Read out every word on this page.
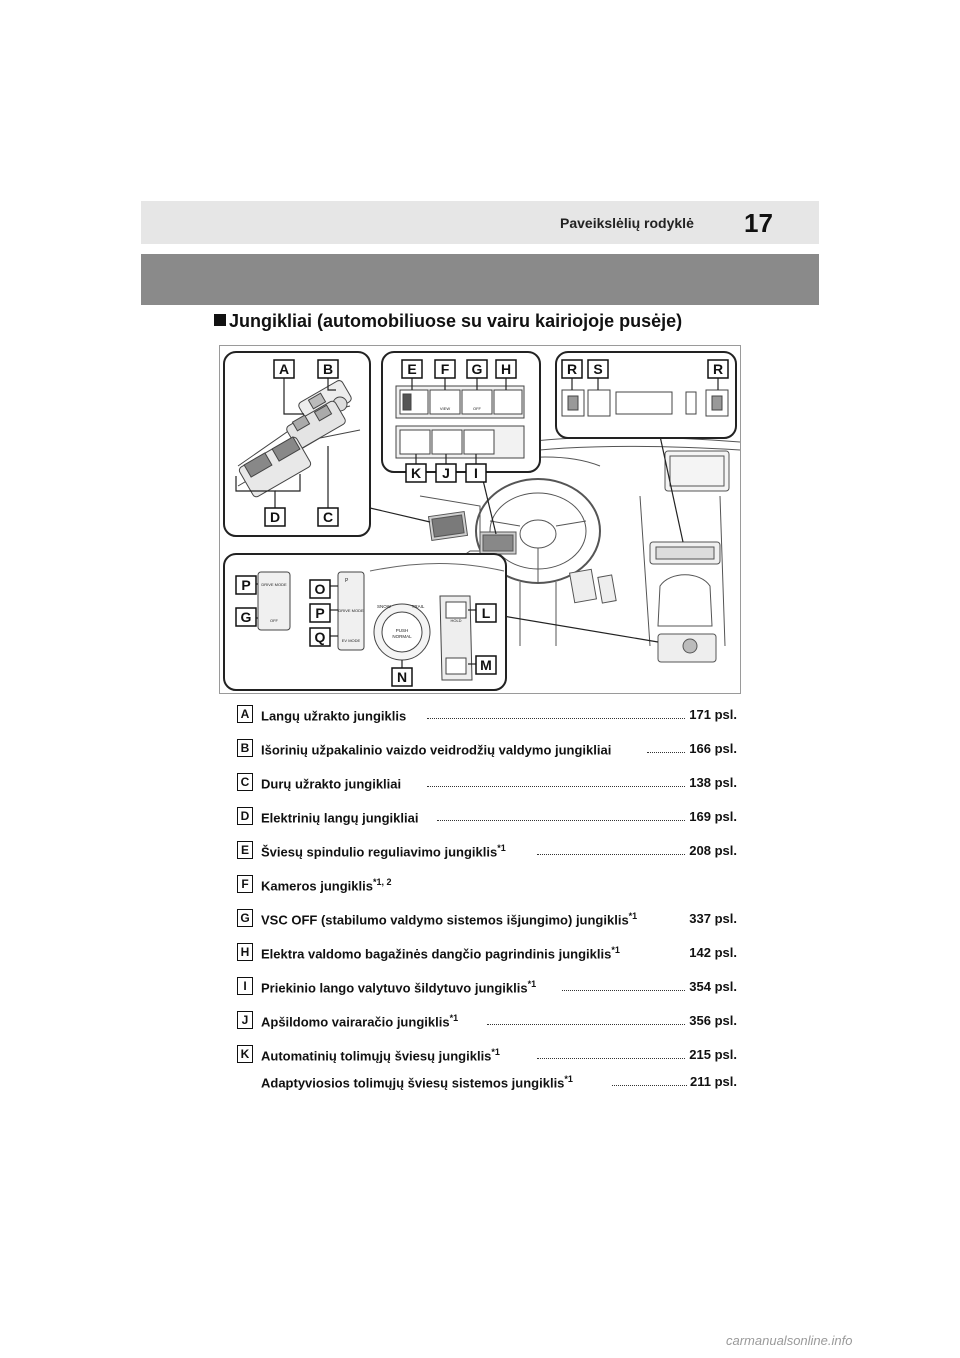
Paveikslėlių rodyklė 17
Jungikliai (automobiliuose su vairu kairiojoje pusėje)
A B
C
D
VIEW	OFF
E F G H
K J I
R S	R
DRIVE MODE
OFF
P
DRIVE MODE
EV MODE
SNOW	TRAIL
PUSH
NORMAL
HOLD
P
G
O
P
Q
L
M
N
A Langų užrakto jungiklis	171 psl.
B Išorinių užpakalinio vaizdo veidrodžių valdymo jungikliai	166 psl.
C Durų užrakto jungikliai	138 psl.
D Elektrinių langų jungikliai	169 psl.
E Šviesų spindulio reguliavimo jungiklis$^{*1}$	208 psl.
F Kameros jungiklis$^{*1, 2}$
G VSC OFF (stabilumo valdymo sistemos išjungimo) jungiklis$^{*1}$	337 psl.
H Elektra valdomo bagažinės dangčio pagrindinis jungiklis$^{*1}$	142 psl.
I	Priekinio lango valytuvo šildytuvo jungiklis$^{*1}$	354 psl.
J Apšildomo vairaračio jungiklis$^{*1}$	356 psl.
K Automatinių tolimųjų šviesų jungiklis$^{*1}$	215 psl.
Adaptyviosios tolimųjų šviesų sistemos jungiklis$^{*1}$	211 psl.
carmanualsonline.info
